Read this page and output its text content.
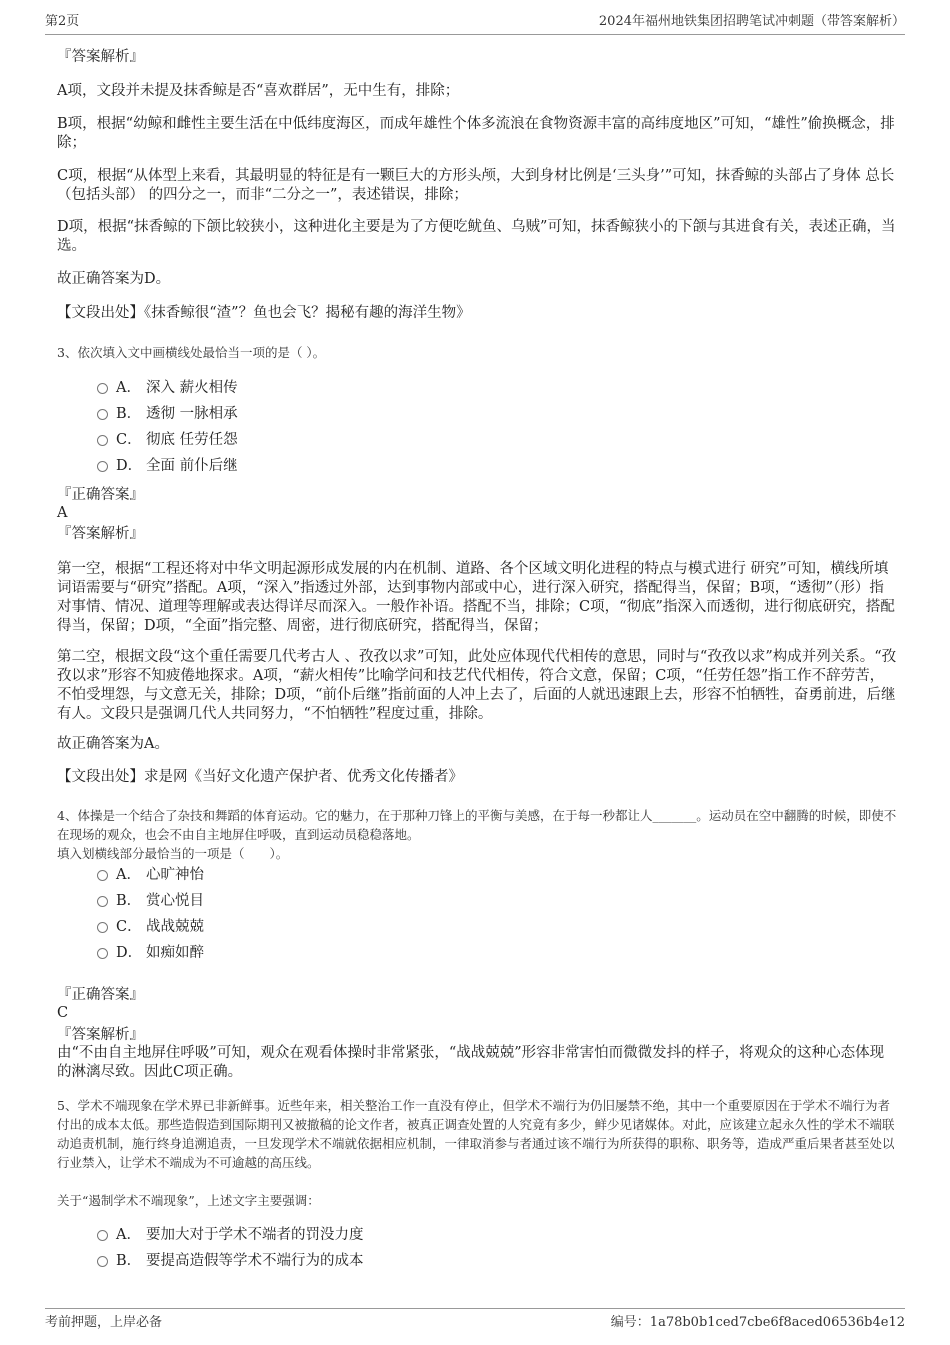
第2页	2024年福州地铁集团招聘笔试冲刺题（带答案解析）
『答案解析』
A项，文段并未提及抹香鲸是否“喜欢群居”，无中生有，排除；
B项，根据“幼鲸和雌性主要生活在中低纬度海区，而成年雄性个体多流浪在食物资源丰富的高纬度地区”可知，“雄性”偷换概念，排除；
C项，根据“从体型上来看，其最明显的特征是有一颗巨大的方形头颅，大到身材比例是‘三头身’”可知，抹香鲸的头部占了身体 总长（包括头部） 的四分之一，而非“二分之一”，表述错误，排除；
D项，根据“抹香鲸的下颌比较狭小，这种进化主要是为了方便吃鱿鱼、乌贼”可知，抹香鲸狭小的下颌与其进食有关，表述正确，当选。
故正确答案为D。
【文段出处】《抹香鲸很“渣”？鱼也会飞？揭秘有趣的海洋生物》
3、依次填入文中画横线处最恰当一项的是（ ）。
A． 深入 薪火相传
B． 透彻 一脉相承
C． 彻底 任劳任怨
D． 全面 前仆后继
『正确答案』
A
『答案解析』
第一空，根据“工程还将对中华文明起源形成发展的内在机制、道路、各个区域文明化进程的特点与模式进行 研究”可知，横线所填词语需要与“研究”搭配。A项，“深入”指透过外部，达到事物内部或中心，进行深入研究，搭配得当，保留；B项，“透彻”（形）指对事情、情况、道理等理解或表达得详尽而深入。一般作补语。搭配不当，排除；C项，“彻底”指深入而透彻，进行彻底研究，搭配得当，保留；D项，“全面”指完整、周密，进行彻底研究，搭配得当，保留；
第二空，根据文段“这个重任需要几代考古人 、孜孜以求”可知，此处应体现代代相传的意思，同时与“孜孜以求”构成并列关系。“孜孜以求”形容不知疲倦地探求。A项，“薪火相传”比喻学问和技艺代代相传，符合文意，保留；C项，“任劳任怨”指工作不辞劳苦，不怕受埋怨，与文意无关，排除；D项，“前仆后继”指前面的人冲上去了，后面的人就迅速跟上去，形容不怕牺牲，奋勇前进，后继有人。文段只是强调几代人共同努力，“不怕牺牲”程度过重，排除。
故正确答案为A。
【文段出处】求是网《当好文化遗产保护者、优秀文化传播者》
4、体操是一个结合了杂技和舞蹈的体育运动。它的魅力，在于那种刀锋上的平衡与美感，在于每一秒都让人_______。运动员在空中翻腾的时候，即使不在现场的观众，也会不由自主地屏住呼吸，直到运动员稳稳落地。
填入划横线部分最恰当的一项是（　　）。
A． 心旷神怡
B． 赏心悦目
C． 战战兢兢
D． 如痴如醉
『正确答案』
C
『答案解析』
由“不由自主地屏住呼吸”可知，观众在观看体操时非常紧张，“战战兢兢”形容非常害怕而微微发抖的样子，将观众的这种心态体现的淋漓尽致。因此C项正确。
5、学术不端现象在学术界已非新鲜事。近些年来，相关整治工作一直没有停止，但学术不端行为仍旧屡禁不绝，其中一个重要原因在于学术不端行为者付出的成本太低。那些造假造到国际期刊又被撤稿的论文作者，被真正调查处置的人究竟有多少，鲜少见诸媒体。对此，应该建立起永久性的学术不端联动追责机制，施行终身追溯追责，一旦发现学术不端就依据相应机制，一律取消参与者通过该不端行为所获得的职称、职务等，造成严重后果者甚至处以行业禁入，让学术不端成为不可逾越的高压线。
关于“遏制学术不端现象”，上述文字主要强调：
A． 要加大对于学术不端者的罚没力度
B． 要提高造假等学术不端行为的成本
考前押题，上岸必备	编号：1a78b0b1ced7cbe6f8aced06536b4e12
